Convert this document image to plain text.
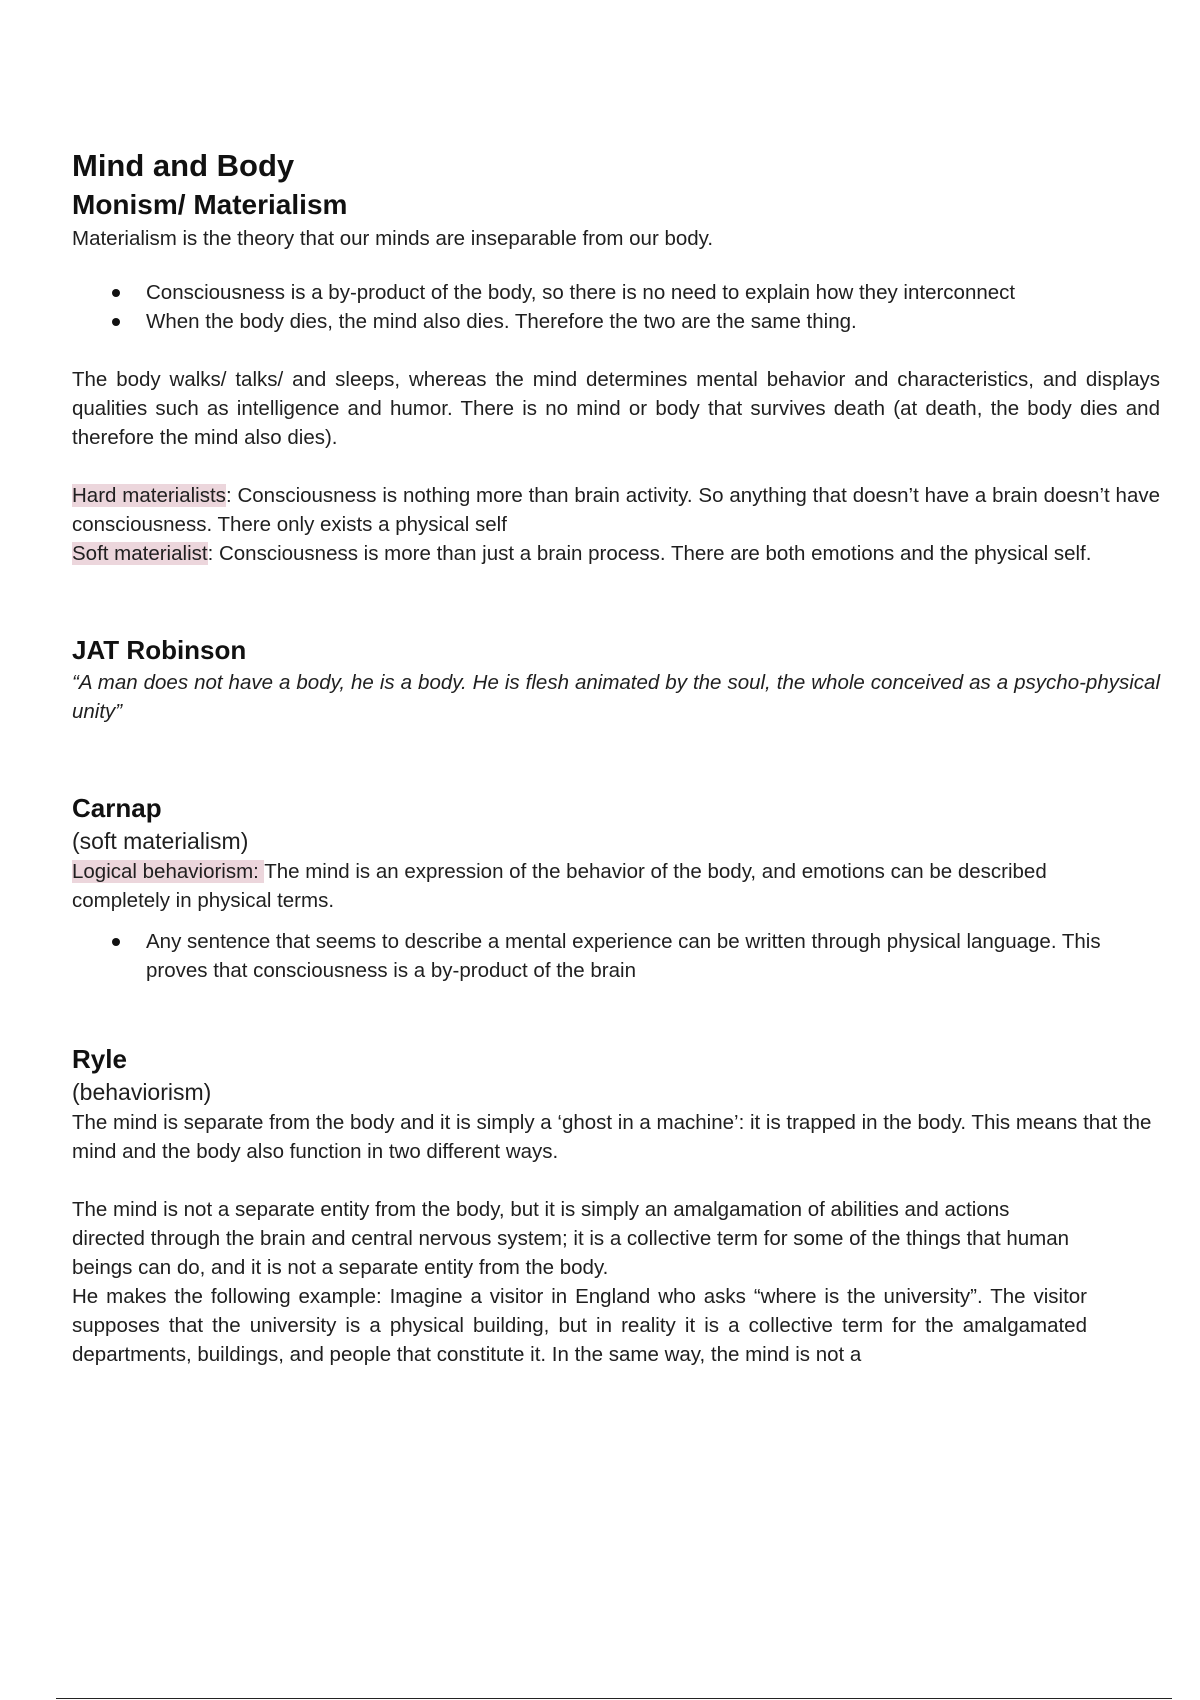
Mind and Body
Monism/ Materialism

Materialism is the theory that our minds are inseparable from our body.

Consciousness is a by-product of the body, so there is no need to explain how they interconnect
When the body dies, the mind also dies. Therefore the two are the same thing.

The body walks/ talks/ and sleeps, whereas the mind determines mental behavior and characteristics, and displays qualities such as intelligence and humor. There is no mind or body that survives death (at death, the body dies and therefore the mind also dies).

Hard materialists: Consciousness is nothing more than brain activity. So anything that doesn’t have a brain doesn’t have consciousness. There only exists a physical self

Soft materialist: Consciousness is more than just a brain process. There are both emotions and the physical self.

JAT Robinson

“A man does not have a body, he is a body. He is flesh animated by the soul, the whole conceived as a psycho-physical unity”

Carnap

(soft materialism)

Logical behaviorism: The mind is an expression of the behavior of the body, and emotions can be described completely in physical terms.

Any sentence that seems to describe a mental experience can be written through physical language. This proves that consciousness is a by-product of the brain
Ryle

(behaviorism)

The mind is separate from the body and it is simply a ‘ghost in a machine’: it is trapped in the body. This means that the mind and the body also function in two different ways.

The mind is not a separate entity from the body, but it is simply an amalgamation of abilities and actions directed through the brain and central nervous system; it is a collective term for some of the things that human beings can do, and it is not a separate entity from the body.

He makes the following example: Imagine a visitor in England who asks “where is the university”. The visitor supposes that the university is a physical building, but in reality it is a collective term for the amalgamated departments, buildings, and people that constitute it. In the same way, the mind is not a
